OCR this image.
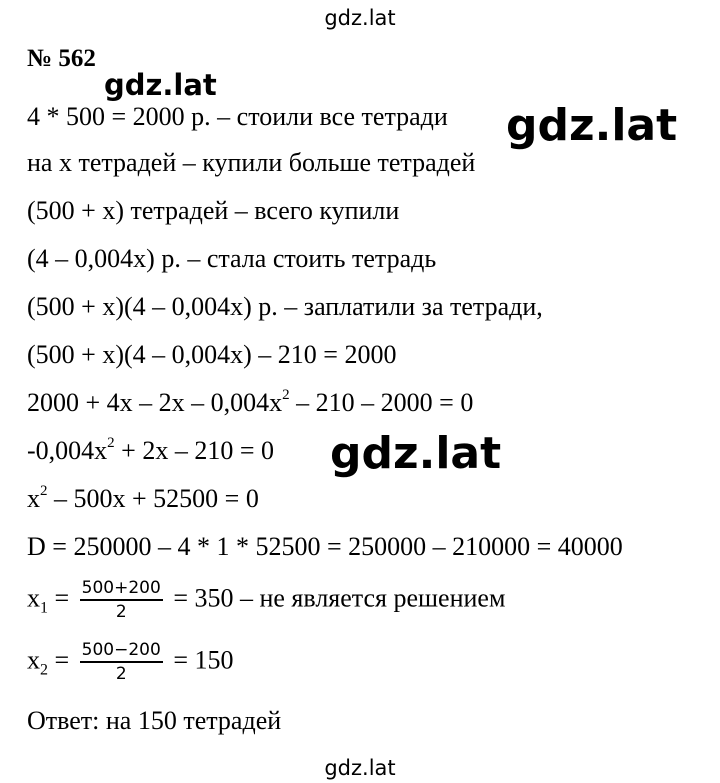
gdz.lat
№ 562
4 * 500 = 2000 р. – стоили все тетради
на х тетрадей – купили больше тетрадей
(500 + х) тетрадей – всего купили
(4 – 0,004х) р. – стала стоить тетрадь
(500 + х)(4 – 0,004х) р. – заплатили за тетради,
(500 + х)(4 – 0,004х) – 210 = 2000
$2000 + 4х - 2х - 0,004х^2 - 210 - 2000 = 0$
$-0,004х^2 + 2х - 210 = 0$
$х^2 - 500х + 52500 = 0$
D = 250000 – 4 * 1 * 52500 = 250000 – 210000 = 40000
$х_1 = \frac{500+200}{2} = 350$ – не является решением
$х_2 = \frac{500-200}{2} = 150$
Ответ: на 150 тетрадей
gdz.lat
gdz.lat
gdz.lat
gdz.lat
